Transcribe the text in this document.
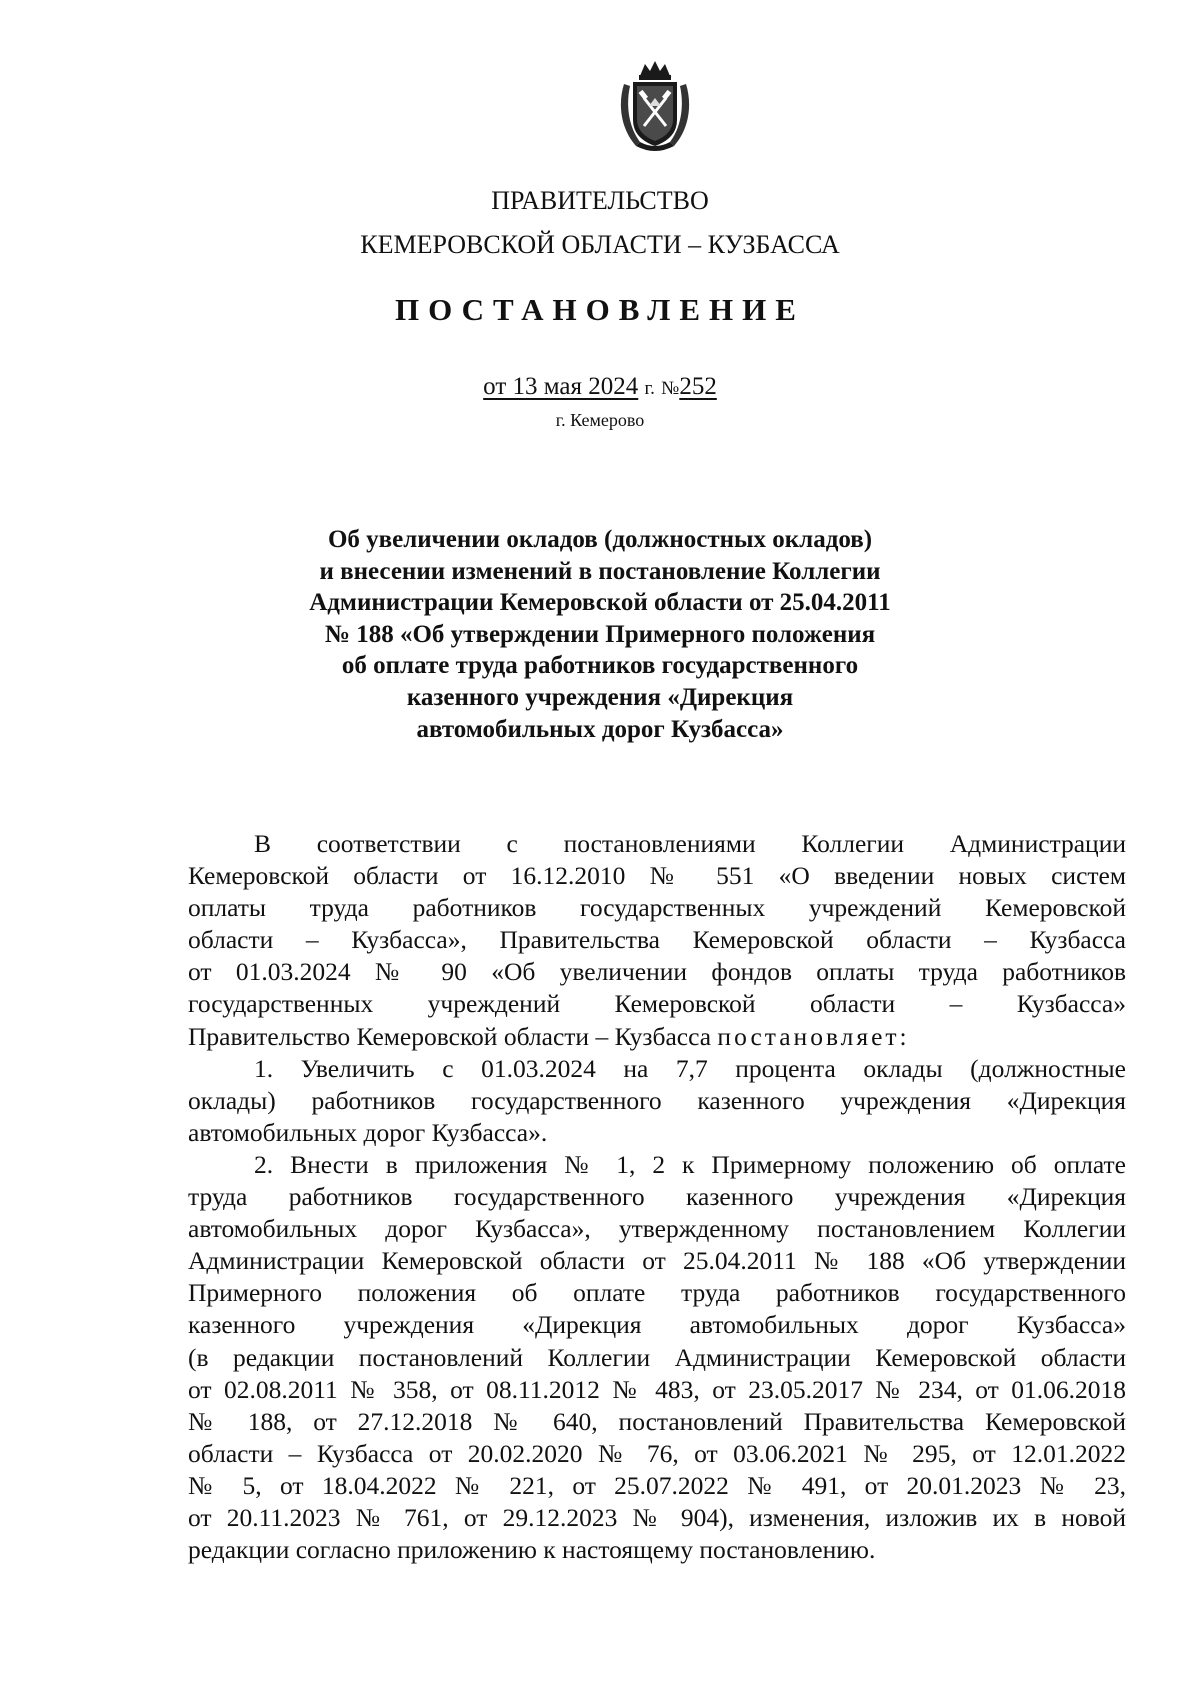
ПРАВИТЕЛЬСТВО
КЕМЕРОВСКОЙ ОБЛАСТИ – КУЗБАССА
ПОСТАНОВЛЕНИЕ
от 13 мая 2024 г. №252
г. Кемерово
Об увеличении окладов (должностных окладов)
и внесении изменений в постановление Коллегии
Администрации Кемеровской области от 25.04.2011
№ 188 «Об утверждении Примерного положения
об оплате труда работников государственного
казенного учреждения «Дирекция
автомобильных дорог Кузбасса»
В соответствии с постановлениями Коллегии Администрации
Кемеровской области от 16.12.2010 № 551 «О введении новых систем
оплаты труда работников государственных учреждений Кемеровской
области – Кузбасса», Правительства Кемеровской области – Кузбасса
от 01.03.2024 № 90 «Об увеличении фондов оплаты труда работников
государственных учреждений Кемеровской области – Кузбасса»
Правительство Кемеровской области – Кузбасса постановляет:
1. Увеличить с 01.03.2024 на 7,7 процента оклады (должностные
оклады) работников государственного казенного учреждения «Дирекция
автомобильных дорог Кузбасса».
2. Внести в приложения № 1, 2 к Примерному положению об оплате
труда работников государственного казенного учреждения «Дирекция
автомобильных дорог Кузбасса», утвержденному постановлением Коллегии
Администрации Кемеровской области от 25.04.2011 № 188 «Об утверждении
Примерного положения об оплате труда работников государственного
казенного учреждения «Дирекция автомобильных дорог Кузбасса»
(в редакции постановлений Коллегии Администрации Кемеровской области
от 02.08.2011 № 358, от 08.11.2012 № 483, от 23.05.2017 № 234, от 01.06.2018
№ 188, от 27.12.2018 № 640, постановлений Правительства Кемеровской
области – Кузбасса от 20.02.2020 № 76, от 03.06.2021 № 295, от 12.01.2022
№ 5, от 18.04.2022 № 221, от 25.07.2022 № 491, от 20.01.2023 № 23,
от 20.11.2023 № 761, от 29.12.2023 № 904), изменения, изложив их в новой
редакции согласно приложению к настоящему постановлению.
